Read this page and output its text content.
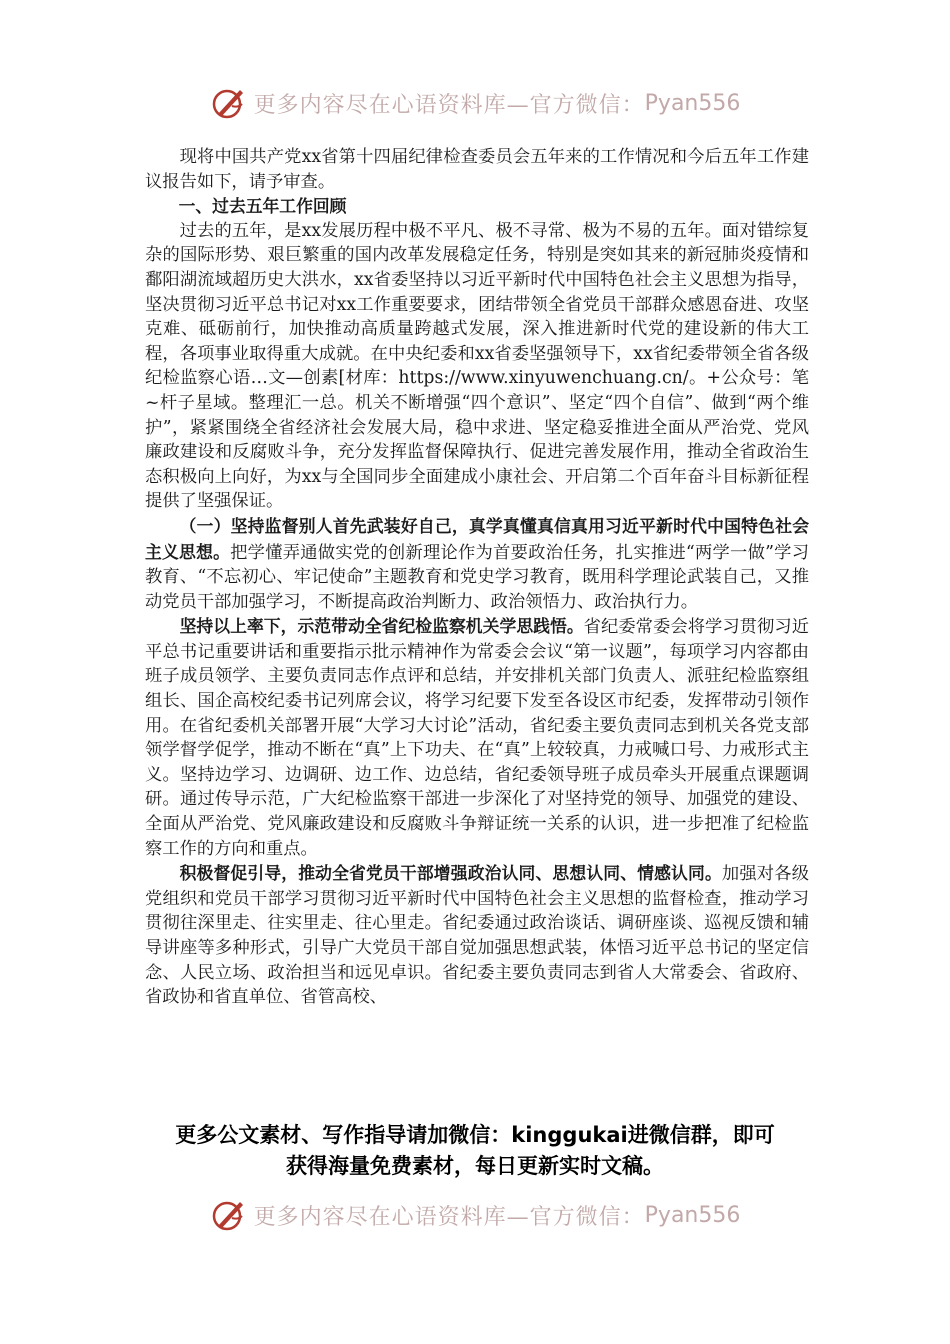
更多内容尽在心语资料库—官方微信： Pyan556

现将中国共产党xx省第十四届纪律检查委员会五年来的工作情况和今后五年工作建议报告如下，请予审查。

一、过去五年工作回顾

过去的五年，是xx发展历程中极不平凡、极不寻常、极为不易的五年。面对错综复杂的国际形势、艰巨繁重的国内改革发展稳定任务，特别是突如其来的新冠肺炎疫情和鄱阳湖流域超历史大洪水，xx省委坚持以习近平新时代中国特色社会主义思想为指导，坚决贯彻习近平总书记对xx工作重要要求，团结带领全省党员干部群众感恩奋进、攻坚克难、砥砺前行，加快推动高质量跨越式发展，深入推进新时代党的建设新的伟大工程，各项事业取得重大成就。在中央纪委和xx省委坚强领导下，xx省纪委带领全省各级纪检监察心语…文—创素[材库：https://www.xinyuwenchuang.cn/。+公众号：笔~杆子星域。整理汇一总。机关不断增强“四个意识”、坚定“四个自信”、做到“两个维护”，紧紧围绕全省经济社会发展大局，稳中求进、坚定稳妥推进全面从严治党、党风廉政建设和反腐败斗争，充分发挥监督保障执行、促进完善发展作用，推动全省政治生态积极向上向好，为xx与全国同步全面建成小康社会、开启第二个百年奋斗目标新征程提供了坚强保证。

（一）坚持监督别人首先武装好自己，真学真懂真信真用习近平新时代中国特色社会主义思想。把学懂弄通做实党的创新理论作为首要政治任务，扎实推进“两学一做”学习教育、“不忘初心、牢记使命”主题教育和党史学习教育，既用科学理论武装自己，又推动党员干部加强学习，不断提高政治判断力、政治领悟力、政治执行力。

坚持以上率下，示范带动全省纪检监察机关学思践悟。省纪委常委会将学习贯彻习近平总书记重要讲话和重要指示批示精神作为常委会会议“第一议题”，每项学习内容都由班子成员领学、主要负责同志作点评和总结，并安排机关部门负责人、派驻纪检监察组组长、国企高校纪委书记列席会议，将学习纪要下发至各设区市纪委，发挥带动引领作用。在省纪委机关部署开展“大学习大讨论”活动，省纪委主要负责同志到机关各党支部领学督学促学，推动不断在“真”上下功夫、在“真”上较较真，力戒喊口号、力戒形式主义。坚持边学习、边调研、边工作、边总结，省纪委领导班子成员牵头开展重点课题调研。通过传导示范，广大纪检监察干部进一步深化了对坚持党的领导、加强党的建设、全面从严治党、党风廉政建设和反腐败斗争辩证统一关系的认识，进一步把准了纪检监察工作的方向和重点。

积极督促引导，推动全省党员干部增强政治认同、思想认同、情感认同。加强对各级党组织和党员干部学习贯彻习近平新时代中国特色社会主义思想的监督检查，推动学习贯彻往深里走、往实里走、往心里走。省纪委通过政治谈话、调研座谈、巡视反馈和辅导讲座等多种形式，引导广大党员干部自觉加强思想武装，体悟习近平总书记的坚定信念、人民立场、政治担当和远见卓识。省纪委主要负责同志到省人大常委会、省政府、省政协和省直单位、省管高校、

更多公文素材、写作指导请加微信：kinggukai进微信群，即可
获得海量免费素材，每日更新实时文稿。
更多内容尽在心语资料库—官方微信： Pyan556
